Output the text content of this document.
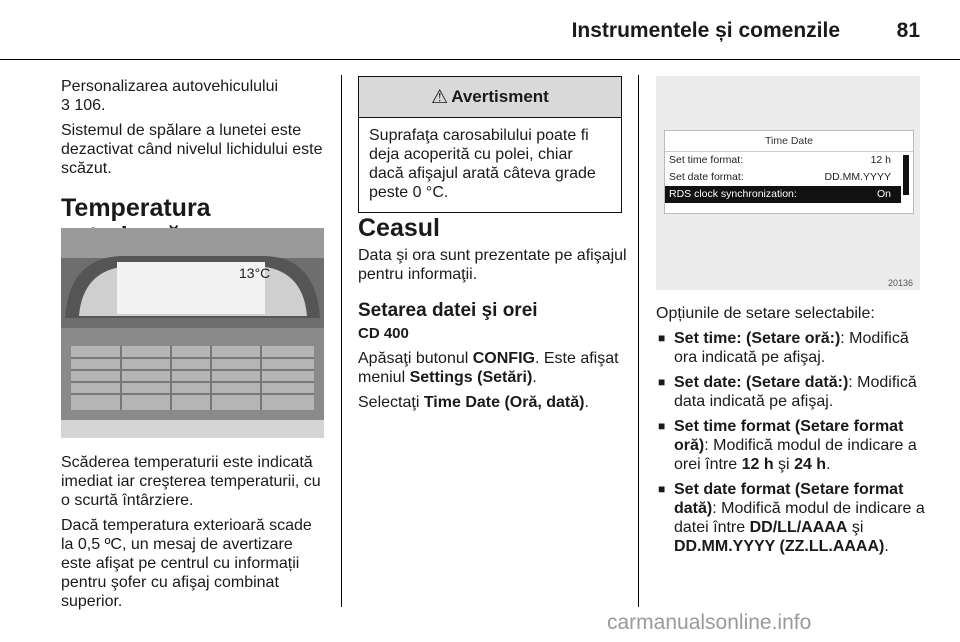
Instrumentele și comenzile	81

Personalizarea autovehiculului
3 106.

Sistemul de spălare a lunetei este dezactivat când nivelul lichidului este scăzut.

Temperatura
13°C

Scăderea temperaturii este indicată imediat iar creşterea temperaturii, cu o scurtă întârziere.

Dacă temperatura exterioară scade la 0,5 ºC, un mesaj de avertizare este afişat pe centrul cu informații pentru şofer cu afişaj combinat superior.

⚠ Avertisment
Suprafaţa carosabilului poate fi deja acoperită cu polei, chiar dacă afişajul arată câteva grade peste 0 °C.
Ceasul

Data şi ora sunt prezentate pe afişajul pentru informaţii.

Setarea datei şi orei
CD 400

Apăsaţi butonul CONFIG. Este afişat meniul Settings (Setări).

Selectaţi Time Date (Oră, dată).

Time Date
Set time format:	12 h
Set date format:	DD.MM.YYYY
RDS clock synchronization:	On
20136

Opțiunile de setare selectabile:

■ Set time: (Setare oră:): Modifică ora indicată pe afişaj.
■ Set date: (Setare dată:): Modifică data indicată pe afişaj.
■ Set time format (Setare format oră): Modifică modul de indicare a orei între 12 h şi 24 h.
■ Set date format (Setare format dată): Modifică modul de indicare a datei între DD/LL/AAAA şi DD.MM.YYYY (ZZ.LL.AAAA).
carmanualsonline.info
